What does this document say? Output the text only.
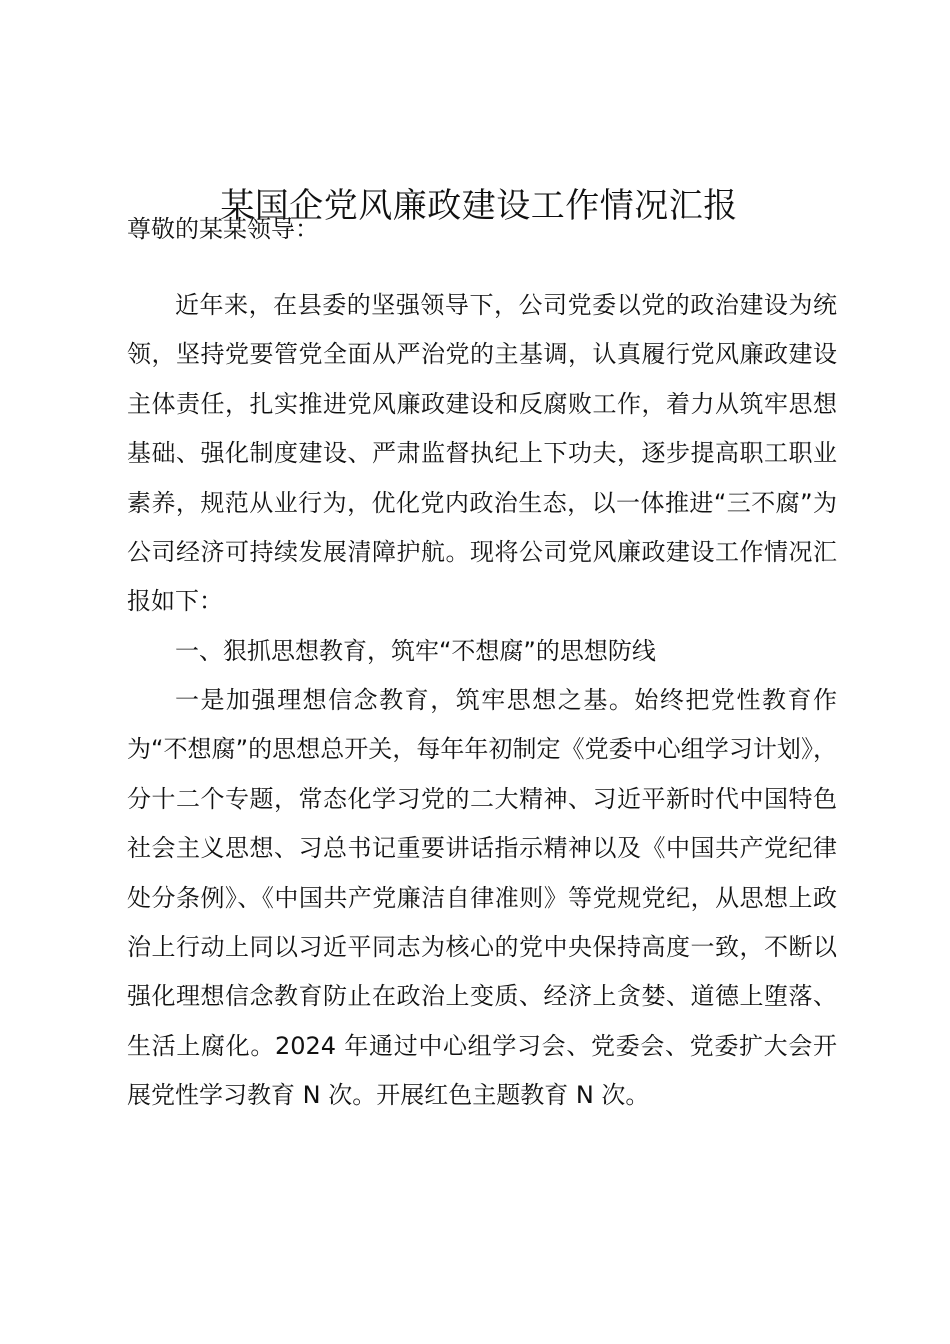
某国企党风廉政建设工作情况汇报

尊敬的某某领导：

近年来，在县委的坚强领导下，公司党委以党的政治建设为统领，坚持党要管党全面从严治党的主基调，认真履行党风廉政建设主体责任，扎实推进党风廉政建设和反腐败工作，着力从筑牢思想基础、强化制度建设、严肃监督执纪上下功夫，逐步提高职工职业素养，规范从业行为，优化党内政治生态，以一体推进“三不腐”为公司经济可持续发展清障护航。现将公司党风廉政建设工作情况汇报如下：

一、狠抓思想教育，筑牢“不想腐”的思想防线

一是加强理想信念教育，筑牢思想之基。始终把党性教育作为“不想腐”的思想总开关，每年年初制定《党委中心组学习计划》，分十二个专题，常态化学习党的二大精神、习近平新时代中国特色社会主义思想、习总书记重要讲话指示精神以及《中国共产党纪律处分条例》、《中国共产党廉洁自律准则》等党规党纪，从思想上政治上行动上同以习近平同志为核心的党中央保持高度一致，不断以强化理想信念教育防止在政治上变质、经济上贪婪、道德上堕落、生活上腐化。2024 年通过中心组学习会、党委会、党委扩大会开展党性学习教育 N 次。开展红色主题教育 N 次。
